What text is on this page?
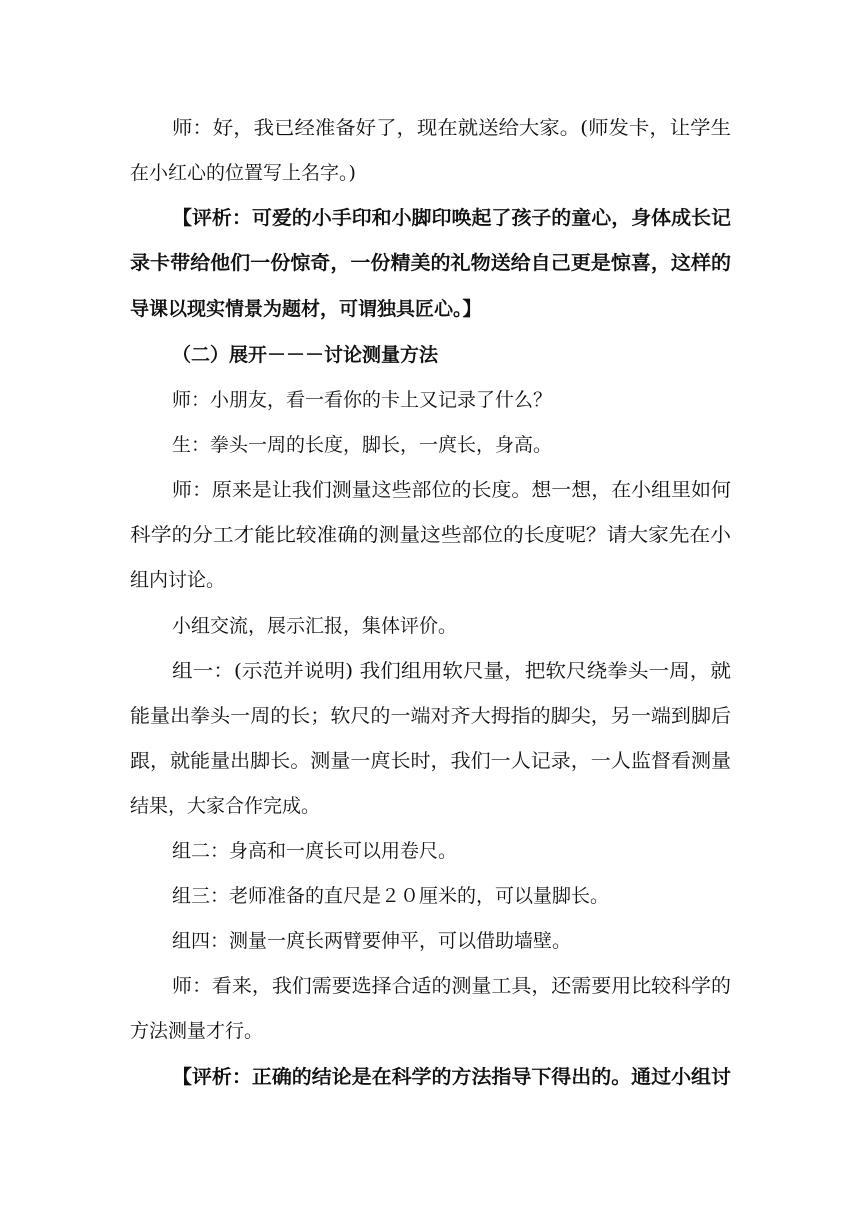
师：好，我已经准备好了，现在就送给大家。(师发卡，让学生
在小红心的位置写上名字。)
【评析：可爱的小手印和小脚印唤起了孩子的童心，身体成长记
录卡带给他们一份惊奇，一份精美的礼物送给自己更是惊喜，这样的
导课以现实情景为题材，可谓独具匠心。】
（二）展开－－－讨论测量方法
师：小朋友，看一看你的卡上又记录了什么？
生：拳头一周的长度，脚长，一庹长，身高。
师：原来是让我们测量这些部位的长度。想一想，在小组里如何
科学的分工才能比较准确的测量这些部位的长度呢？请大家先在小
组内讨论。
小组交流，展示汇报，集体评价。
组一：(示范并说明) 我们组用软尺量，把软尺绕拳头一周，就
能量出拳头一周的长；软尺的一端对齐大拇指的脚尖，另一端到脚后
跟，就能量出脚长。测量一庹长时，我们一人记录，一人监督看测量
结果，大家合作完成。
组二：身高和一庹长可以用卷尺。
组三：老师准备的直尺是２０厘米的，可以量脚长。
组四：测量一庹长两臂要伸平，可以借助墙壁。
师：看来，我们需要选择合适的测量工具，还需要用比较科学的
方法测量才行。
【评析：正确的结论是在科学的方法指导下得出的。通过小组讨
